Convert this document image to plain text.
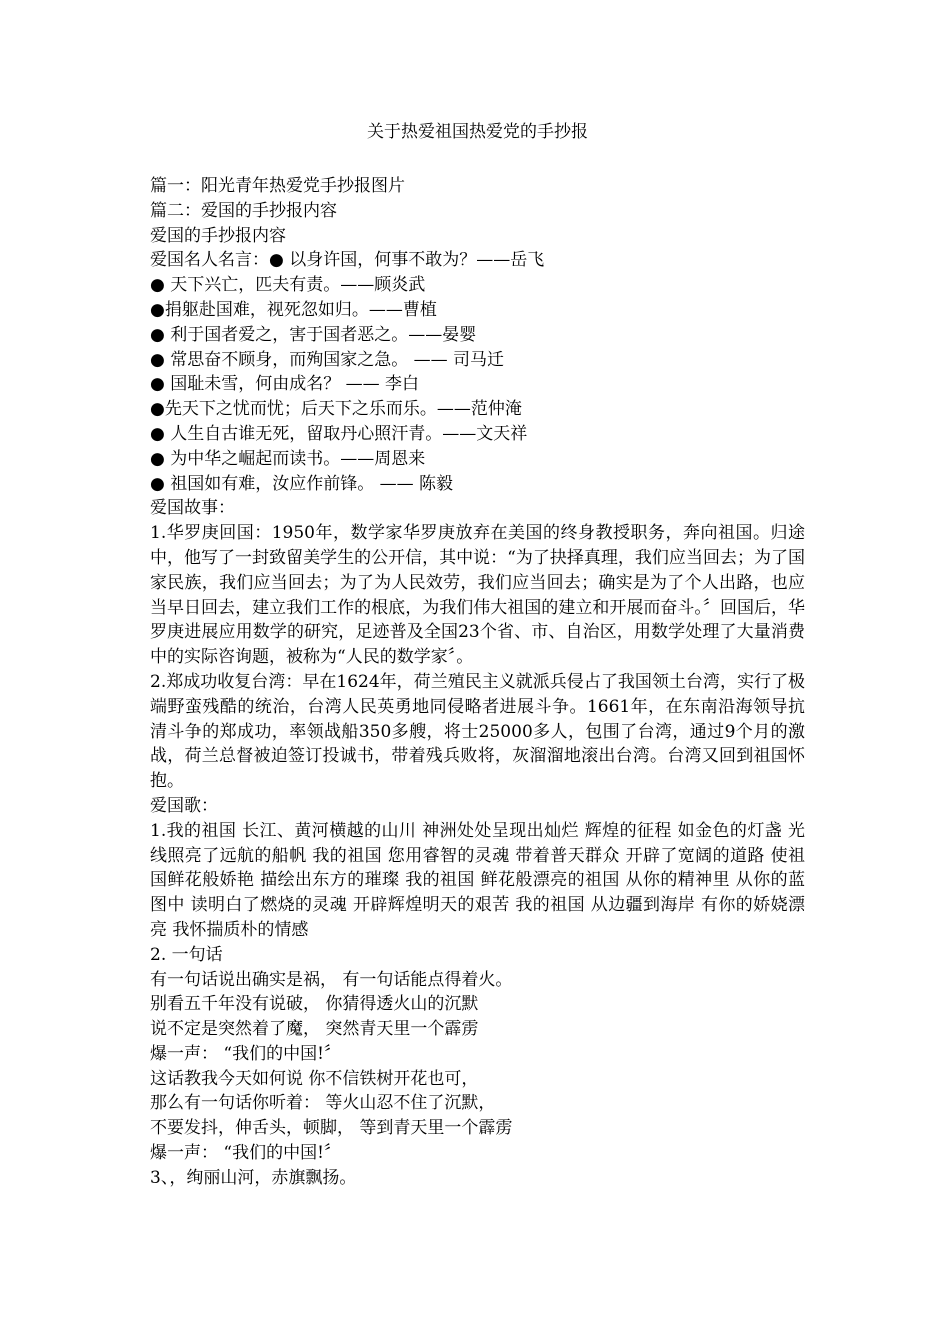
关于热爱祖国热爱党的手抄报
篇一：阳光青年热爱党手抄报图片
篇二：爱国的手抄报内容
爱国的手抄报内容
爱国名人名言：● 以身许国，何事不敢为？——岳飞
● 天下兴亡，匹夫有责。——顾炎武
●捐躯赴国难，视死忽如归。——曹植
● 利于国者爱之，害于国者恶之。——晏婴
● 常思奋不顾身，而殉国家之急。 —— 司马迁
● 国耻未雪，何由成名？ —— 李白
●先天下之忧而忧；后天下之乐而乐。——范仲淹
● 人生自古谁无死，留取丹心照汗青。——文天祥
● 为中华之崛起而读书。——周恩来
● 祖国如有难，汝应作前锋。 —— 陈毅
爱国故事：
1.华罗庚回国：1950年，数学家华罗庚放弃在美国的终身教授职务，奔向祖国。归途中，他写了一封致留美学生的公开信，其中说：“为了抉择真理，我们应当回去；为了国家民族，我们应当回去；为了为人民效劳，我们应当回去；确实是为了个人出路，也应当早日回去，建立我们工作的根底，为我们伟大祖国的建立和开展而奋斗。〞回国后，华罗庚进展应用数学的研究，足迹普及全国23个省、市、自治区，用数学处理了大量消费中的实际咨询题，被称为“人民的数学家〞。
2.郑成功收复台湾：早在1624年，荷兰殖民主义就派兵侵占了我国领土台湾，实行了极端野蛮残酷的统治，台湾人民英勇地同侵略者进展斗争。1661年，在东南沿海领导抗清斗争的郑成功，率领战船350多艘，将士25000多人，包围了台湾，通过9个月的激战，荷兰总督被迫签订投诚书，带着残兵败将，灰溜溜地滚出台湾。台湾又回到祖国怀抱。
爱国歌：
1.我的祖国 长江、黄河横越的山川 神洲处处呈现出灿烂 辉煌的征程 如金色的灯盏 光线照亮了远航的船帆 我的祖国 您用睿智的灵魂 带着普天群众 开辟了宽阔的道路 使祖国鲜花般娇艳 描绘出东方的璀璨 我的祖国 鲜花般漂亮的祖国 从你的精神里 从你的蓝图中 读明白了燃烧的灵魂 开辟辉煌明天的艰苦 我的祖国 从边疆到海岸 有你的娇娆漂亮 我怀揣质朴的情感
2. 一句话
有一句话说出确实是祸， 有一句话能点得着火。
别看五千年没有说破， 你猜得透火山的沉默
说不定是突然着了魔， 突然青天里一个霹雳
爆一声： “我们的中国!〞
这话教我今天如何说 你不信铁树开花也可，
那么有一句话你听着： 等火山忍不住了沉默，
不要发抖，伸舌头，顿脚， 等到青天里一个霹雳
爆一声： “我们的中国!〞
3、，绚丽山河，赤旗飘扬。
